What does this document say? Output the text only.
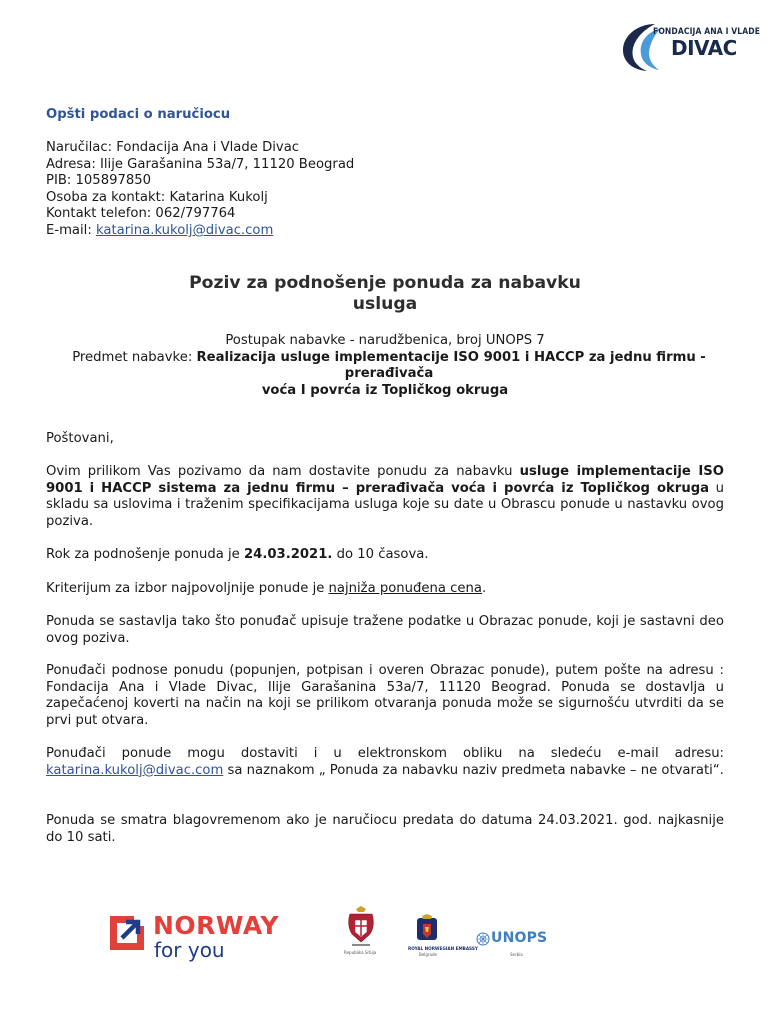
FONDACIJA ANA I VLADE
DIVAC
Opšti podaci o naručiocu
Naručilac: Fondacija Ana i Vlade Divac
Adresa: Ilije Garašanina 53a/7, 11120 Beograd
PIB: 105897850
Osoba za kontakt: Katarina Kukolj
Kontakt telefon: 062/797764
E-mail: katarina.kukolj@divac.com
Poziv za podnošenje ponuda za nabavku
usluga
Postupak nabavke - narudžbenica, broj UNOPS 7
Predmet nabavke: Realizacija usluge implementacije ISO 9001 i HACCP za jednu firmu - prerađivača
voća I povrća iz Topličkog okruga

Poštovani,

Ovim prilikom Vas pozivamo da nam dostavite ponudu za nabavku usluge implementacije ISO 9001 i HACCP sistema za jednu firmu – prerađivača voća i povrća iz Topličkog okruga u skladu sa uslovima i traženim specifikacijama usluga koje su date u Obrascu ponude u nastavku ovog poziva.

Rok za podnošenje ponuda je 24.03.2021. do 10 časova.

Kriterijum za izbor najpovoljnije ponude je najniža ponuđena cena.

Ponuda se sastavlja tako što ponuđač upisuje tražene podatke u Obrazac ponude, koji je sastavni deo ovog poziva.

Ponuđači podnose ponudu (popunjen, potpisan i overen Obrazac ponude), putem pošte na adresu : Fondacija Ana i Vlade Divac, Ilije Garašanina 53a/7, 11120 Beograd. Ponuda se dostavlja u zapečaćenoj koverti na način na koji se prilikom otvaranja ponuda može se sigurnošću utvrditi da se prvi put otvara.

Ponuđači ponude mogu dostaviti i u elektronskom obliku na sledeću e-mail adresu: katarina.kukolj@divac.com sa naznakom „ Ponuda za nabavku naziv predmeta nabavke – ne otvarati“.

Ponuda se smatra blagovremenom ako je naručiocu predata do datuma 24.03.2021. god. najkasnije do 10 sati.

NORWAY
for you	Republika Srbija
ROYAL NORWEGIAN EMBASSY
Belgrade
UNOPS
Serbia
